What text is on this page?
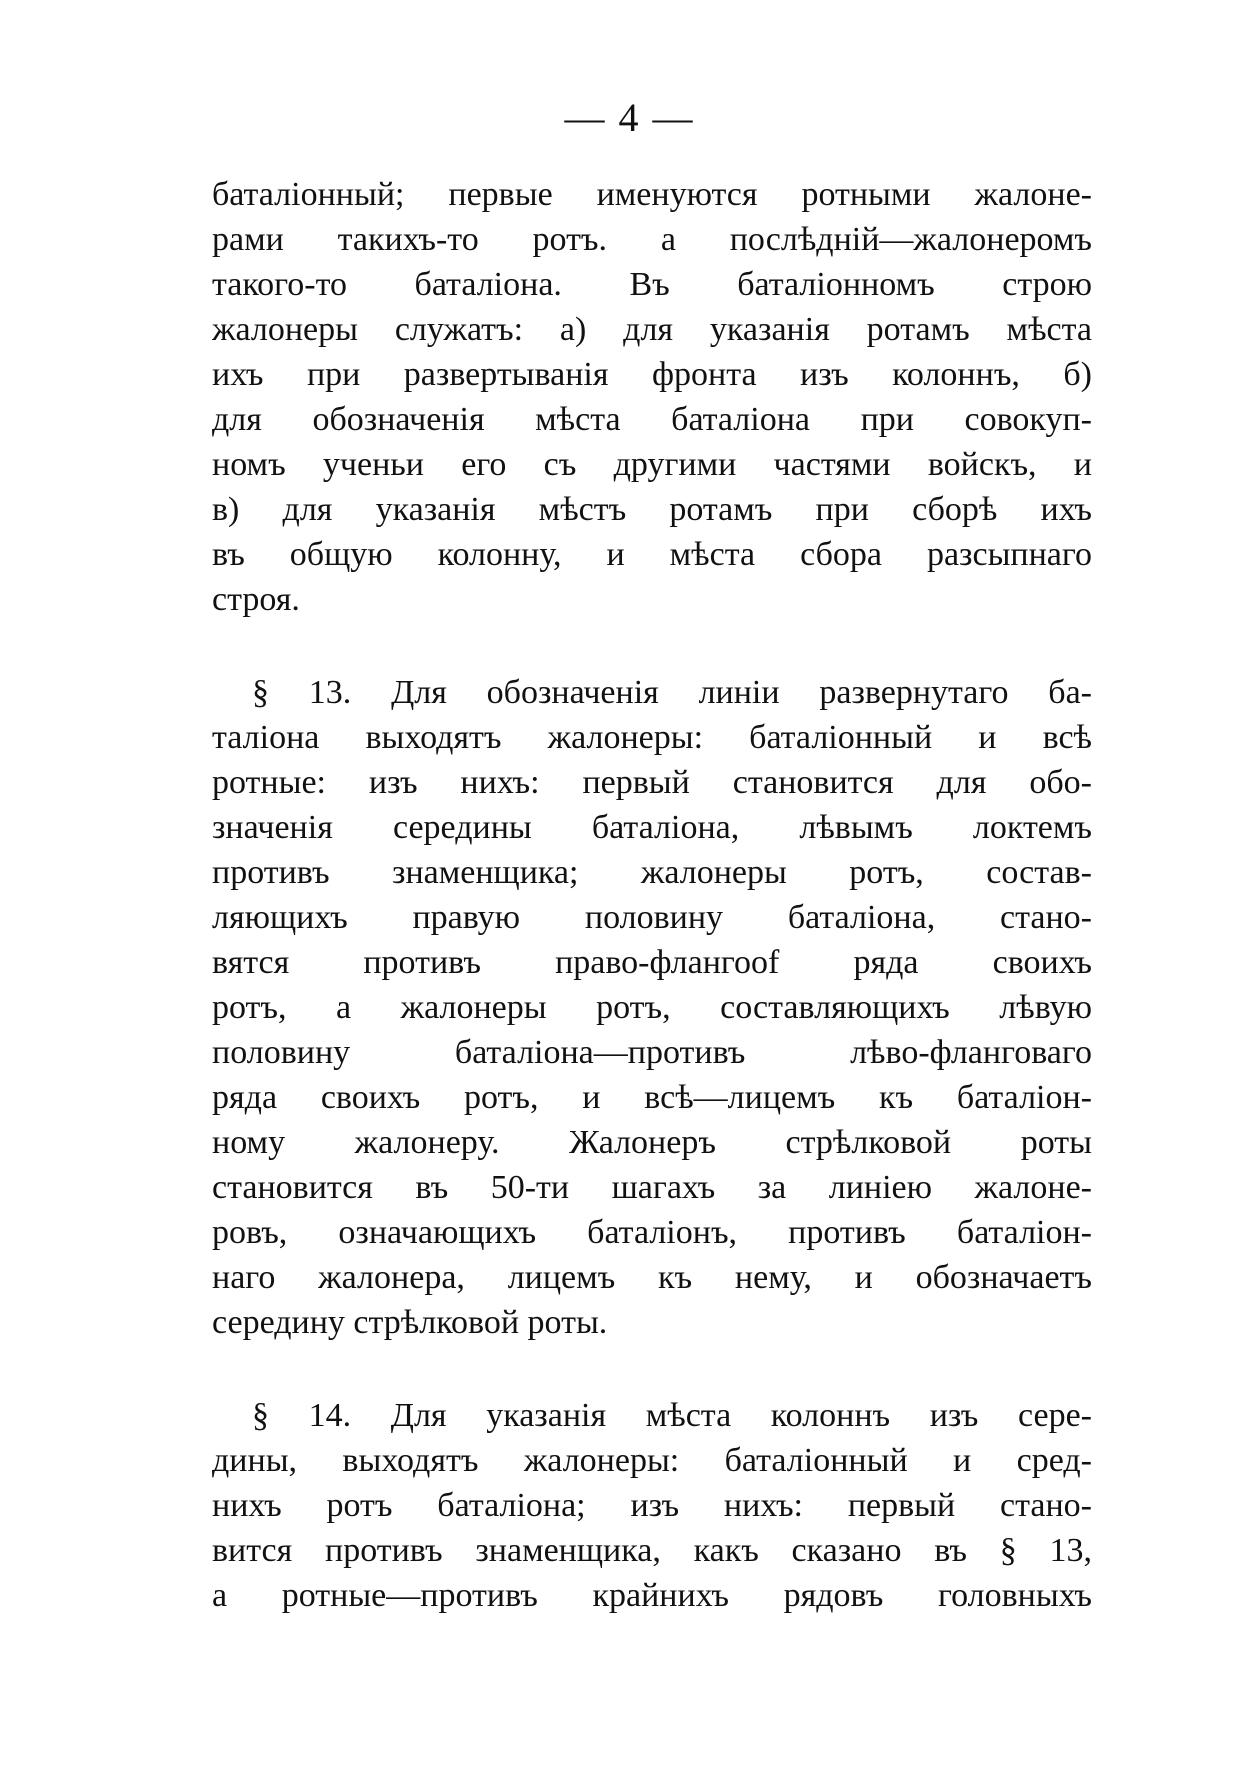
— 4 —
баталіонный; первые именуются ротными жалоне-
рами такихъ-то ротъ. а послѣдній—жалонеромъ
такого-то баталіона. Въ баталіонномъ строю
жалонеры служатъ: а) для указанія ротамъ мѣста
ихъ при развертыванія фронта изъ колоннъ, б)
для обозначенія мѣста баталіона при совокуп-
номъ ученьи его съ другими частями войскъ, и
в) для указанія мѣстъ ротамъ при сборѣ ихъ
въ общую колонну, и мѣста сбора разсыпнаго
строя.
§ 13. Для обозначенія линіи развернутаго ба-
таліона выходятъ жалонеры: баталіонный и всѣ
ротные: изъ нихъ: первый становится для обо-
значенія середины баталіона, лѣвымъ локтемъ
противъ знаменщика; жалонеры ротъ, состав-
ляющихъ правую половину баталіона, стано-
вятся противъ право-флангоof ряда своихъ
ротъ, а жалонеры ротъ, составляющихъ лѣвую
половину баталіона—противъ лѣво-фланговаго
ряда своихъ ротъ, и всѣ—лицемъ къ баталіон-
ному жалонеру. Жалонеръ стрѣлковой роты
становится въ 50-ти шагахъ за линіею жалоне-
ровъ, означающихъ баталіонъ, противъ баталіон-
наго жалонера, лицемъ къ нему, и обозначаетъ
середину стрѣлковой роты.
§ 14. Для указанія мѣста колоннъ изъ сере-
дины, выходятъ жалонеры: баталіонный и сред-
нихъ ротъ баталіона; изъ нихъ: первый стано-
вится противъ знаменщика, какъ сказано въ § 13,
а ротные—противъ крайнихъ рядовъ головныхъ
